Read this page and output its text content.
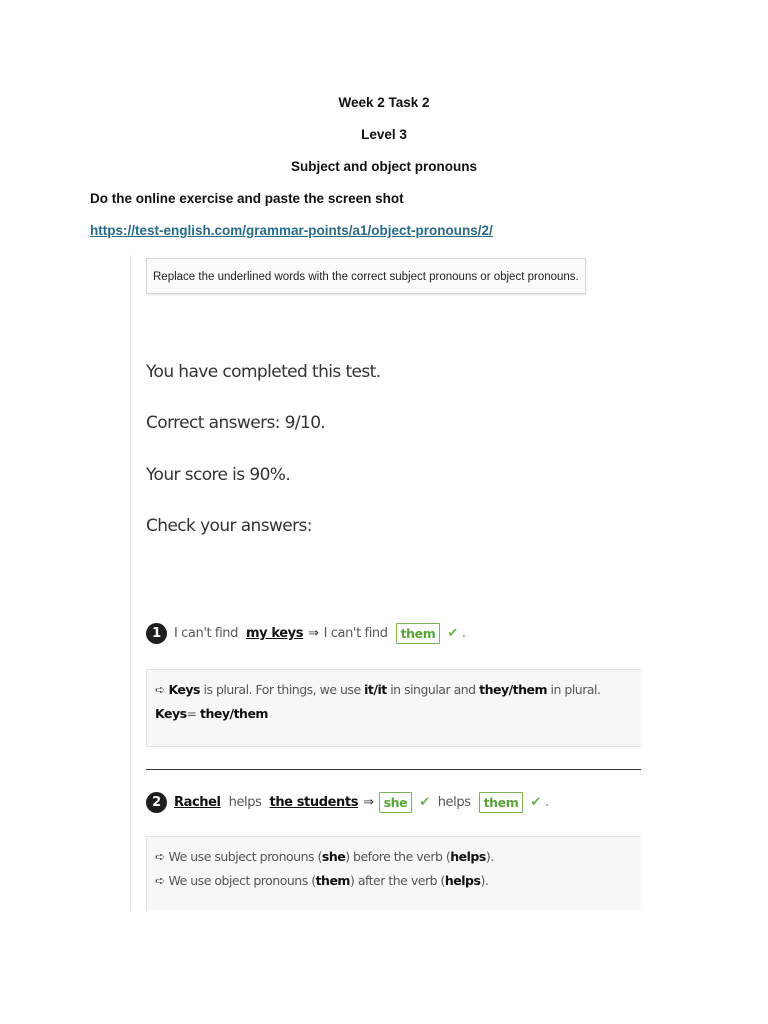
Week 2 Task 2
Level 3
Subject and object pronouns
Do the online exercise and paste the screen shot
https://test-english.com/grammar-points/a1/object-pronouns/2/
Replace the underlined words with the correct subject pronouns or object pronouns.
You have completed this test.
Correct answers: 9/10.
Your score is 90%.
Check your answers:
1	I can't find my keys ⇒ I can't find	them ✔ .
➪ Keys is plural. For things, we use it/it in singular and they/them in plural. Keys= they/them
2	Rachel helps the students ⇒ she ✔ helps	them ✔ .
➪ We use subject pronouns (she) before the verb (helps).
➪ We use object pronouns (them) after the verb (helps).
